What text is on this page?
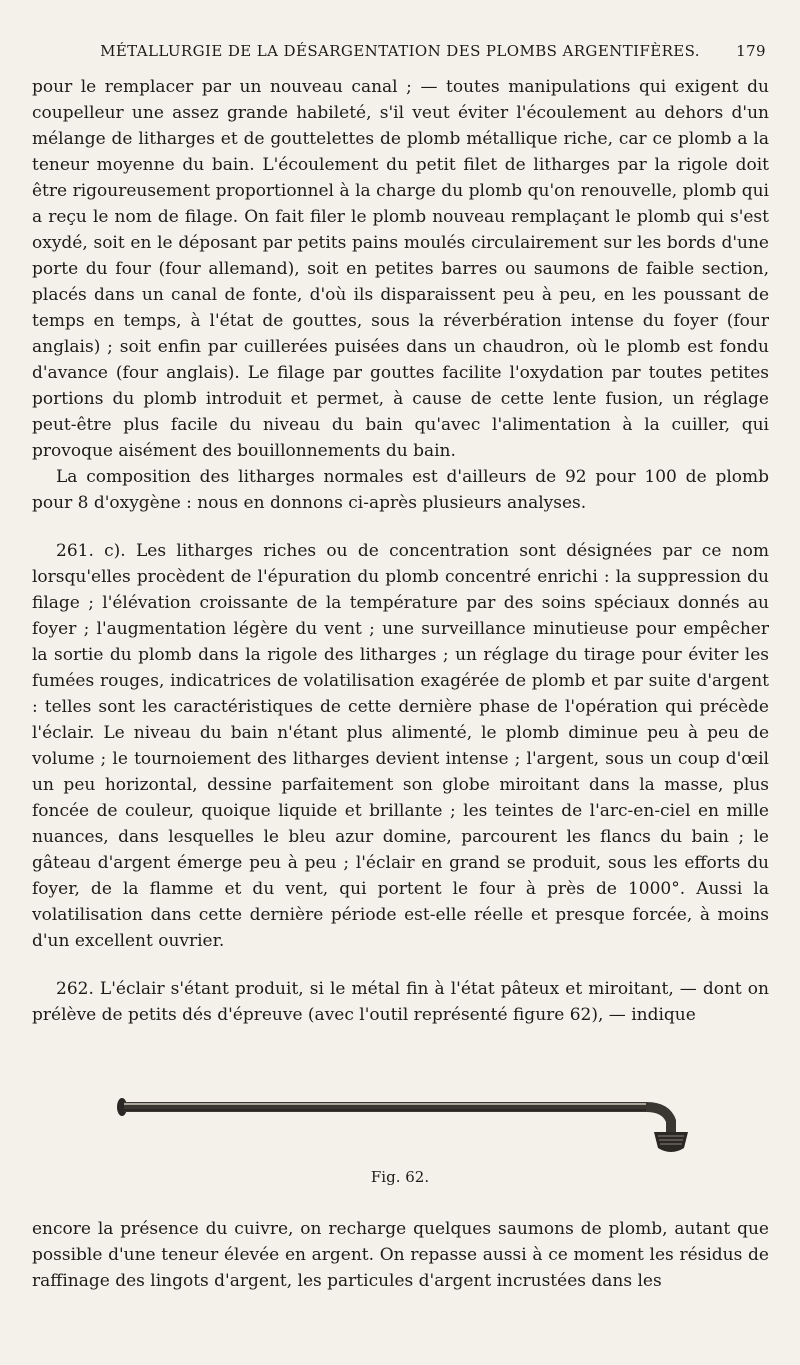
MÉTALLURGIE DE LA DÉSARGENTATION DES PLOMBS ARGENTIFÈRES.	179

pour le remplacer par un nouveau canal ; — toutes manipulations qui exigent du coupelleur une assez grande habileté, s'il veut éviter l'écoulement au dehors d'un mélange de litharges et de gouttelettes de plomb métallique riche, car ce plomb a la teneur moyenne du bain. L'écoulement du petit filet de litharges par la rigole doit être rigoureusement proportionnel à la charge du plomb qu'on renouvelle, plomb qui a reçu le nom de filage. On fait filer le plomb nouveau remplaçant le plomb qui s'est oxydé, soit en le déposant par petits pains moulés circulairement sur les bords d'une porte du four (four allemand), soit en petites barres ou saumons de faible section, placés dans un canal de fonte, d'où ils disparaissent peu à peu, en les poussant de temps en temps, à l'état de gouttes, sous la réverbération intense du foyer (four anglais) ; soit enfin par cuillerées puisées dans un chaudron, où le plomb est fondu d'avance (four anglais). Le filage par gouttes facilite l'oxydation par toutes petites portions du plomb introduit et permet, à cause de cette lente fusion, un réglage peut-être plus facile du niveau du bain qu'avec l'alimentation à la cuiller, qui provoque aisément des bouillonnements du bain.

La composition des litharges normales est d'ailleurs de 92 pour 100 de plomb pour 8 d'oxygène : nous en donnons ci-après plusieurs analyses.

261. c). Les litharges riches ou de concentration sont désignées par ce nom lorsqu'elles procèdent de l'épuration du plomb concentré enrichi : la suppression du filage ; l'élévation croissante de la température par des soins spéciaux donnés au foyer ; l'augmentation légère du vent ; une surveillance minutieuse pour empêcher la sortie du plomb dans la rigole des litharges ; un réglage du tirage pour éviter les fumées rouges, indicatrices de volatilisation exagérée de plomb et par suite d'argent : telles sont les caractéristiques de cette dernière phase de l'opération qui précède l'éclair. Le niveau du bain n'étant plus alimenté, le plomb diminue peu à peu de volume ; le tournoiement des litharges devient intense ; l'argent, sous un coup d'œil un peu horizontal, dessine parfaitement son globe miroitant dans la masse, plus foncée de couleur, quoique liquide et brillante ; les teintes de l'arc-en-ciel en mille nuances, dans lesquelles le bleu azur domine, parcourent les flancs du bain ; le gâteau d'argent émerge peu à peu ; l'éclair en grand se produit, sous les efforts du foyer, de la flamme et du vent, qui portent le four à près de 1000°. Aussi la volatilisation dans cette dernière période est-elle réelle et presque forcée, à moins d'un excellent ouvrier.

262. L'éclair s'étant produit, si le métal fin à l'état pâteux et miroitant, — dont on prélève de petits dés d'épreuve (avec l'outil représenté figure 62), — indique

Fig. 62.

encore la présence du cuivre, on recharge quelques saumons de plomb, autant que possible d'une teneur élevée en argent. On repasse aussi à ce moment les résidus de raffinage des lingots d'argent, les particules d'argent incrustées dans les
